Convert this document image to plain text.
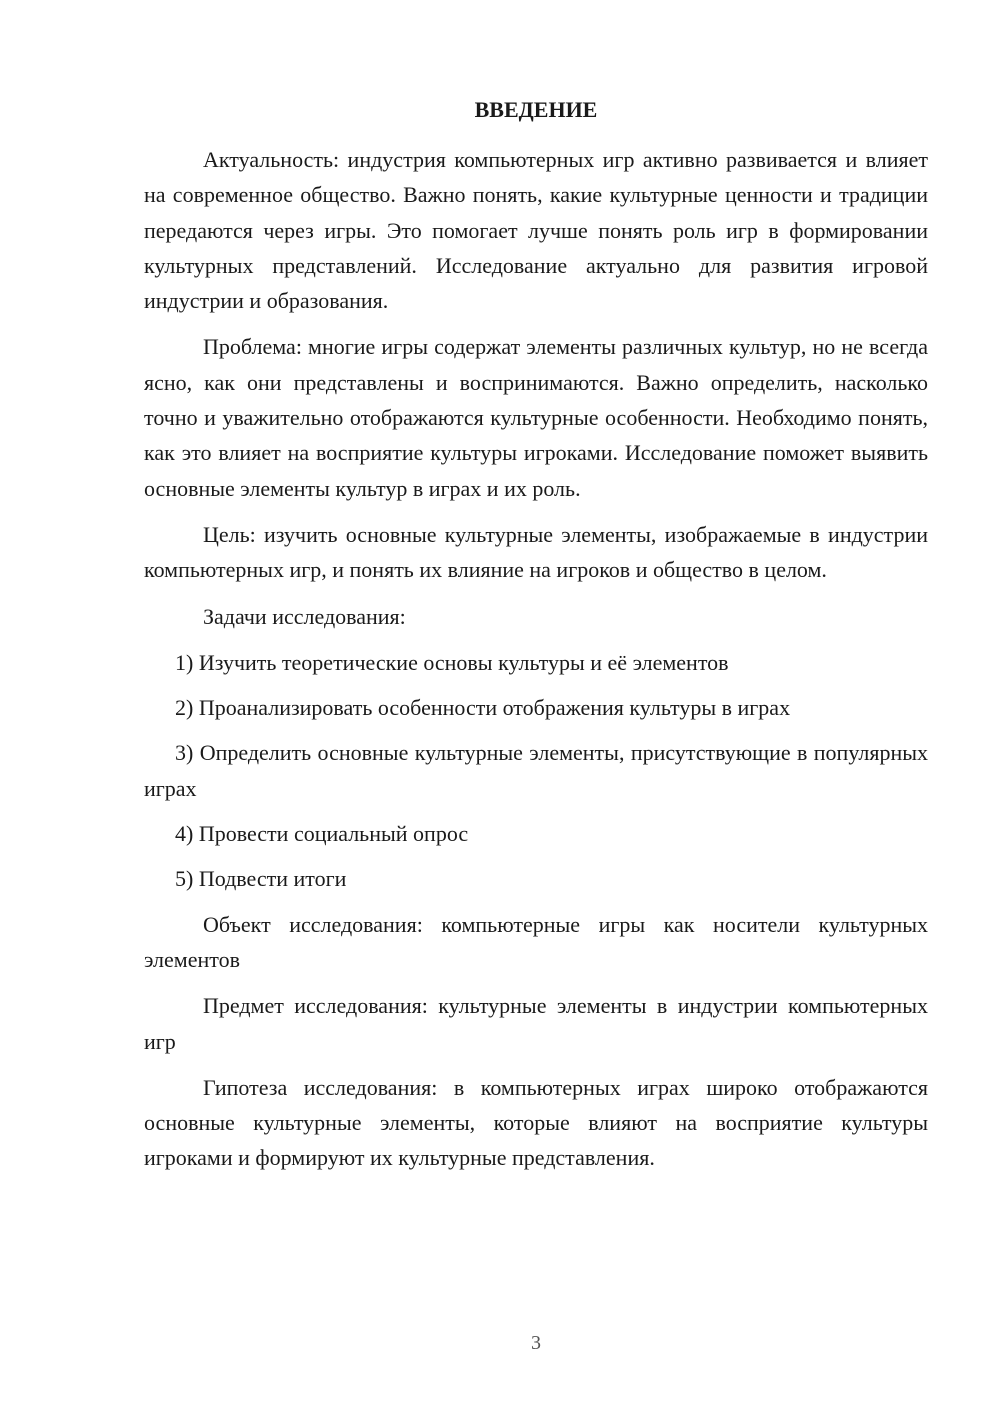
ВВЕДЕНИЕ

Актуальность: индустрия компьютерных игр активно развивается и влияет на современное общество. Важно понять, какие культурные ценности и традиции передаются через игры. Это помогает лучше понять роль игр в формировании культурных представлений. Исследование актуально для развития игровой индустрии и образования.

Проблема: многие игры содержат элементы различных культур, но не всегда ясно, как они представлены и воспринимаются. Важно определить, насколько точно и уважительно отображаются культурные особенности. Необходимо понять, как это влияет на восприятие культуры игроками. Исследование поможет выявить основные элементы культур в играх и их роль.

Цель: изучить основные культурные элементы, изображаемые в индустрии компьютерных игр, и понять их влияние на игроков и общество в целом.

Задачи исследования:

1) Изучить теоретические основы культуры и её элементов

2) Проанализировать особенности отображения культуры в играх

3) Определить основные культурные элементы, присутствующие в популярных играх

4) Провести социальный опрос

5) Подвести итоги

Объект исследования: компьютерные игры как носители культурных элементов

Предмет исследования: культурные элементы в индустрии компьютерных игр

Гипотеза исследования: в компьютерных играх широко отображаются основные культурные элементы, которые влияют на восприятие культуры игроками и формируют их культурные представления.

3
